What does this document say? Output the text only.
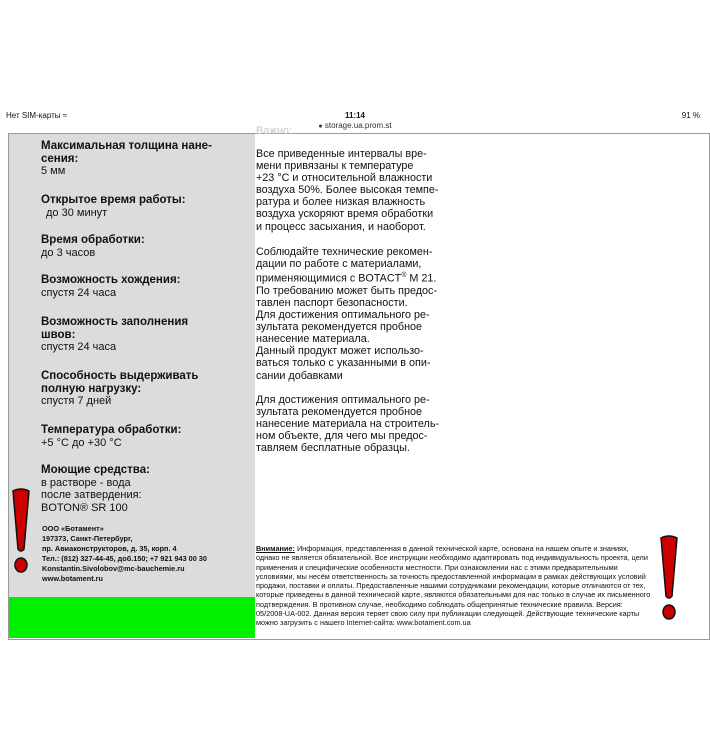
Нет SIM-карты ≈	11:14	91 %
● storage.ua.prom.st
Важно:
Максимальная толщина нане-
сения:
5 мм
Открытое время работы:
до 30 минут
Время обработки:
до 3 часов
Возможность хождения:
спустя 24 часа
Возможность заполнения
швов:
спустя 24 часа
Способность выдерживать
полную нагрузку:
спустя 7 дней
Температура обработки:
+5 °C до +30 °C
Моющие средства:
в растворе - вода
после затвердения:
BOTON® SR 100
ООО «Ботамент»
197373, Санкт-Петербург,
пр. Авиаконструкторов, д. 35, корп. 4
Тел.: (812) 327-44-45, доб.150; +7 921 943 00 30
Konstantin.Sivolobov@mc-bauchemie.ru
www.botament.ru
Все приведенные интервалы вре-
мени привязаны к температуре
+23 °С и относительной влажности
воздуха 50%. Более высокая темпе-
ратура и более низкая влажность
воздуха ускоряют время обработки
и процесс засыхания, и наоборот.
Соблюдайте технические рекомен-
дации по работе с материалами,
применяющимися с BOTACT® M 21.
По требованию может быть предос-
тавлен паспорт безопасности.
Для достижения оптимального ре-
зультата рекомендуется пробное
нанесение материала.
Данный продукт может использо-
ваться только с указанными в опи-
сании добавками
Для достижения оптимального ре-
зультата рекомендуется пробное
нанесение материала на строитель-
ном объекте, для чего мы предос-
тавляем бесплатные образцы.
Внимание: Информация, представленная в данной технической карте, основана на нашем опыте и знаниях, однако не является обязательной. Все инструкции необходимо адаптировать под индивидуальность проекта, цели применения и специфические особенности местности. При ознакомлении нас с этими предварительными условиями, мы несём ответственность за точность предоставленной информации в рамках действующих условий продажи, поставки и оплаты. Предоставленные нашими сотрудниками рекомендации, которые отличаются от тех, которые приведены в данной технической карте, являются обязательными для нас только в случае их письменного подтверждения. В противном случае, необходимо соблюдать общепринятые технические правила. Версия: 05/2008-UA-002. Данная версия теряет свою силу при публикации следующей. Действующие технические карты можно загрузить с нашего Internet-сайта: www.botament.com.ua
